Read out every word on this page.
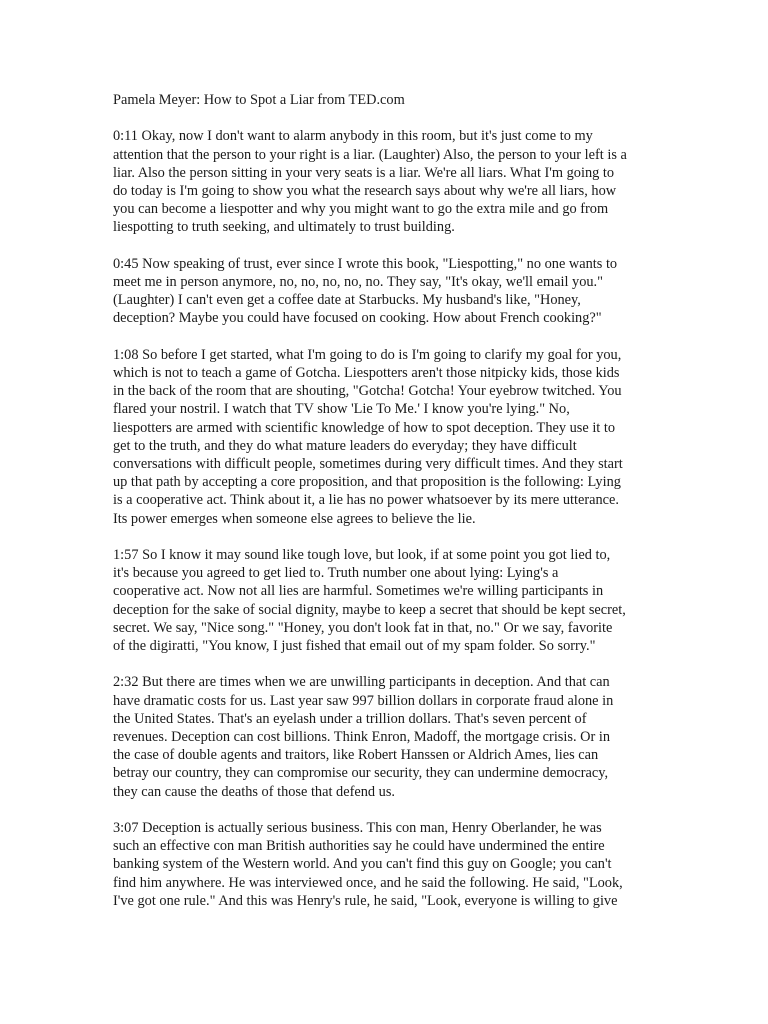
Pamela Meyer: How to Spot a Liar from TED.com
0:11 Okay, now I don't want to alarm anybody in this room, but it's just come to my
attention that the person to your right is a liar. (Laughter) Also, the person to your left is a
liar. Also the person sitting in your very seats is a liar. We're all liars. What I'm going to
do today is I'm going to show you what the research says about why we're all liars, how
you can become a liespotter and why you might want to go the extra mile and go from
liespotting to truth seeking, and ultimately to trust building.
0:45 Now speaking of trust, ever since I wrote this book, "Liespotting," no one wants to
meet me in person anymore, no, no, no, no, no. They say, "It's okay, we'll email you."
(Laughter) I can't even get a coffee date at Starbucks. My husband's like, "Honey,
deception? Maybe you could have focused on cooking. How about French cooking?"
1:08 So before I get started, what I'm going to do is I'm going to clarify my goal for you,
which is not to teach a game of Gotcha. Liespotters aren't those nitpicky kids, those kids
in the back of the room that are shouting, "Gotcha! Gotcha! Your eyebrow twitched. You
flared your nostril. I watch that TV show 'Lie To Me.' I know you're lying." No,
liespotters are armed with scientific knowledge of how to spot deception. They use it to
get to the truth, and they do what mature leaders do everyday; they have difficult
conversations with difficult people, sometimes during very difficult times. And they start
up that path by accepting a core proposition, and that proposition is the following: Lying
is a cooperative act. Think about it, a lie has no power whatsoever by its mere utterance.
Its power emerges when someone else agrees to believe the lie.
1:57 So I know it may sound like tough love, but look, if at some point you got lied to,
it's because you agreed to get lied to. Truth number one about lying: Lying's a
cooperative act. Now not all lies are harmful. Sometimes we're willing participants in
deception for the sake of social dignity, maybe to keep a secret that should be kept secret,
secret. We say, "Nice song." "Honey, you don't look fat in that, no." Or we say, favorite
of the digiratti, "You know, I just fished that email out of my spam folder. So sorry."
2:32 But there are times when we are unwilling participants in deception. And that can
have dramatic costs for us. Last year saw 997 billion dollars in corporate fraud alone in
the United States. That's an eyelash under a trillion dollars. That's seven percent of
revenues. Deception can cost billions. Think Enron, Madoff, the mortgage crisis. Or in
the case of double agents and traitors, like Robert Hanssen or Aldrich Ames, lies can
betray our country, they can compromise our security, they can undermine democracy,
they can cause the deaths of those that defend us.
3:07 Deception is actually serious business. This con man, Henry Oberlander, he was
such an effective con man British authorities say he could have undermined the entire
banking system of the Western world. And you can't find this guy on Google; you can't
find him anywhere. He was interviewed once, and he said the following. He said, "Look,
I've got one rule." And this was Henry's rule, he said, "Look, everyone is willing to give
